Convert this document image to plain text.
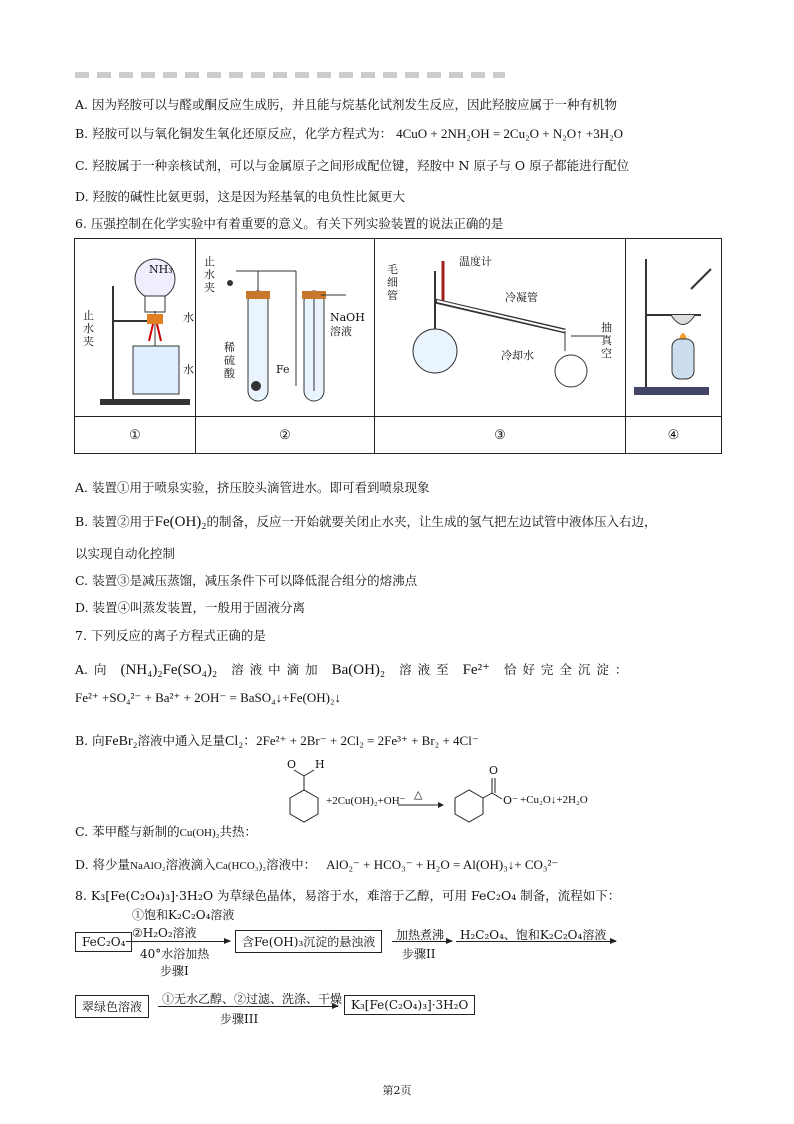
A. 因为羟胺可以与醛或酮反应生成肟，并且能与烷基化试剂发生反应，因此羟胺应属于一种有机物
B. 羟胺可以与氧化铜发生氧化还原反应，化学方程式为： 4CuO + 2NH₂OH = 2Cu₂O + N₂O↑ +3H₂O
C. 羟胺属于一种亲核试剂，可以与金属原子之间形成配位键，羟胺中 N 原子与 O 原子都能进行配位
D. 羟胺的碱性比氨更弱，这是因为羟基氧的电负性比氮更大
6. 压强控制在化学实验中有着重要的意义。有关下列实验装置的说法正确的是
NH₃
止水夹
水
水	止水夹
稀硫酸 Fe
NaOH溶液	毛细管
温度计
冷凝管
冷却水
抽真空

①	②	③	④
A. 装置①用于喷泉实验，挤压胶头滴管进水。即可看到喷泉现象
B. 装置②用于Fe(OH)₂的制备，反应一开始就要关闭止水夹，让生成的氢气把左边试管中液体压入右边，
以实现自动化控制
C. 装置③是减压蒸馏，减压条件下可以降低混合组分的熔沸点
D. 装置④叫蒸发装置，一般用于固液分离
7. 下列反应的离子方程式正确的是
A. 向 (NH₄)₂Fe(SO₄)₂ 溶 液 中 滴 加 Ba(OH)₂ 溶 液 至 Fe²⁺ 恰 好 完 全 沉 淀 ：
Fe²⁺ +SO₄²⁻ + Ba²⁺ + 2OH⁻ = BaSO₄↓+Fe(OH)₂↓
B. 向FeBr₂溶液中通入足量Cl₂：2Fe²⁺ + 2Br⁻ + 2Cl₂ = 2Fe³⁺ + Br₂ + 4Cl⁻
O H	O
O⁻
+2Cu(OH)₂+OH⁻ △	+Cu₂O↓+2H₂O
C. 苯甲醛与新制的Cu(OH)₂共热：
D. 将少量NaAlO₂溶液滴入Ca(HCO₃)₂溶液中： AlO₂⁻ + HCO₃⁻ + H₂O = Al(OH)₃↓+ CO₃²⁻
8. K₃[Fe(C₂O₄)₃]·3H₂O 为草绿色晶体，易溶于水，难溶于乙醇，可用 FeC₂O₄ 制备，流程如下：
FeC₂O₄
①饱和K₂C₂O₄溶液
②H₂O₂溶液
40°水浴加热
步骤I
含Fe(OH)₃沉淀的悬浊液	加热煮沸
步骤II
H₂C₂O₄、饱和K₂C₂O₄溶液
翠绿色溶液
①无水乙醇、②过滤、洗涤、干燥
步骤III
K₃[Fe(C₂O₄)₃]·3H₂O
第2页
